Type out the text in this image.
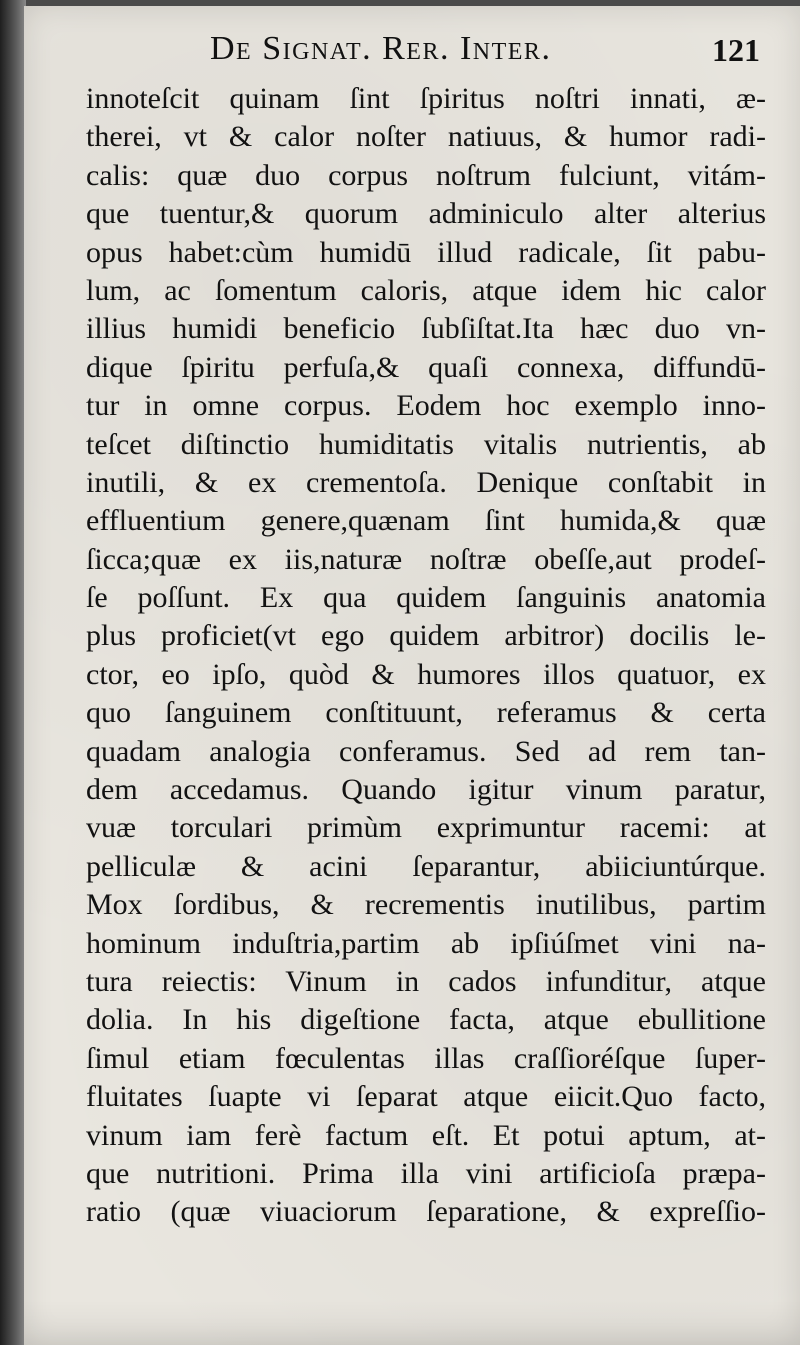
De Signat. Rer. Inter.	121
innoteſcit quinam ſint ſpiritus noſtri innati, æ-
therei, vt & calor noſter natiuus, & humor radi-
calis: quæ duo corpus noſtrum fulciunt, vitám-
que tuentur,& quorum adminiculo alter alterius
opus habet:cùm humidū illud radicale, ſit pabu-
lum, ac ſomentum caloris, atque idem hic calor
illius humidi beneficio ſubſiſtat.Ita hæc duo vn-
dique ſpiritu perfuſa,& quaſi connexa, diffundū-
tur in omne corpus. Eodem hoc exemplo inno-
teſcet diſtinctio humiditatis vitalis nutrientis, ab
inutili, & ex crementoſa. Denique conſtabit in
effluentium genere,quænam ſint humida,& quæ
ſicca;quæ ex iis,naturæ noſtræ obeſſe,aut prodeſ-
ſe poſſunt. Ex qua quidem ſanguinis anatomia
plus proficiet(vt ego quidem arbitror) docilis le-
ctor, eo ipſo, quòd & humores illos quatuor, ex
quo ſanguinem conſtituunt, referamus & certa
quadam analogia conferamus. Sed ad rem tan-
dem accedamus. Quando igitur vinum paratur,
vuæ torculari primùm exprimuntur racemi: at
pelliculæ & acini ſeparantur, abiiciuntúrque.
Mox ſordibus, & recrementis inutilibus, partim
hominum induſtria,partim ab ipſiúſmet vini na-
tura reiectis: Vinum in cados infunditur, atque
dolia. In his digeſtione facta, atque ebullitione
ſimul etiam fœculentas illas craſſioréſque ſuper-
fluitates ſuapte vi ſeparat atque eiicit.Quo facto,
vinum iam ferè factum eſt. Et potui aptum, at-
que nutritioni. Prima illa vini artificioſa præpa-
ratio (quæ viuaciorum ſeparatione, & expreſſio-
